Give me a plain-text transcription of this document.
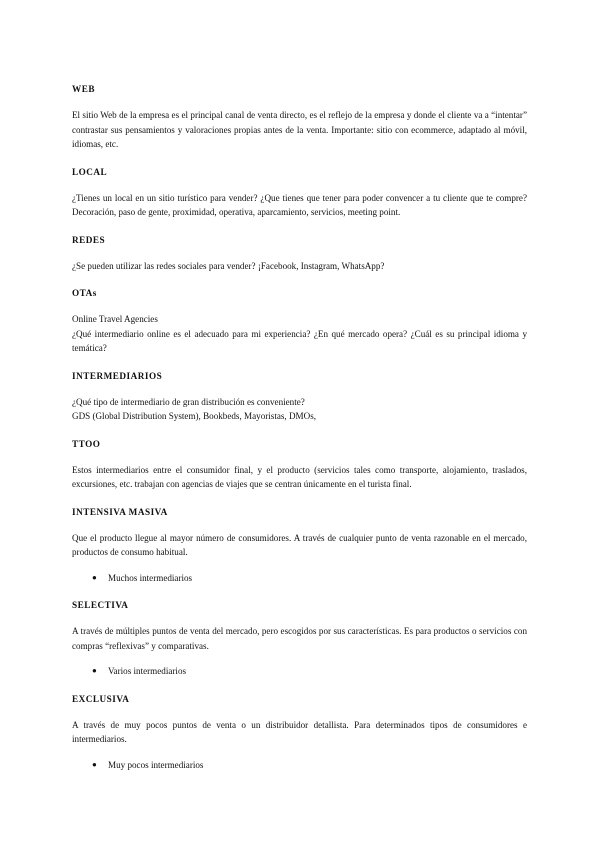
WEB

El sitio Web de la empresa es el principal canal de venta directo, es el reflejo de la empresa y donde el cliente va a “intentar” contrastar sus pensamientos y valoraciones propias antes de la venta. Importante: sitio con ecommerce, adaptado al móvil, idiomas, etc.

LOCAL

¿Tienes un local en un sitio turístico para vender? ¿Que tienes que tener para poder convencer a tu cliente que te compre? Decoración, paso de gente, proximidad, operativa, aparcamiento, servicios, meeting point.

REDES

¿Se pueden utilizar las redes sociales para vender? ¡Facebook, Instagram, WhatsApp?

OTAs

Online Travel Agencies

¿Qué intermediario online es el adecuado para mi experiencia? ¿En qué mercado opera? ¿Cuál es su principal idioma y temática?

INTERMEDIARIOS

¿Qué tipo de intermediario de gran distribución es conveniente?

GDS (Global Distribution System), Bookbeds, Mayoristas, DMOs,

TTOO

Estos intermediarios entre el consumidor final, y el producto (servicios tales como transporte, alojamiento, traslados, excursiones, etc. trabajan con agencias de viajes que se centran únicamente en el turista final.

INTENSIVA MASIVA

Que el producto llegue al mayor número de consumidores. A través de cualquier punto de venta razonable en el mercado, productos de consumo habitual.

● Muchos intermediarios
SELECTIVA

A través de múltiples puntos de venta del mercado, pero escogidos por sus características. Es para productos o servicios con compras “reflexivas” y comparativas.

● Varios intermediarios
EXCLUSIVA

A través de muy pocos puntos de venta o un distribuidor detallista. Para determinados tipos de consumidores e intermediarios.

● Muy pocos intermediarios
